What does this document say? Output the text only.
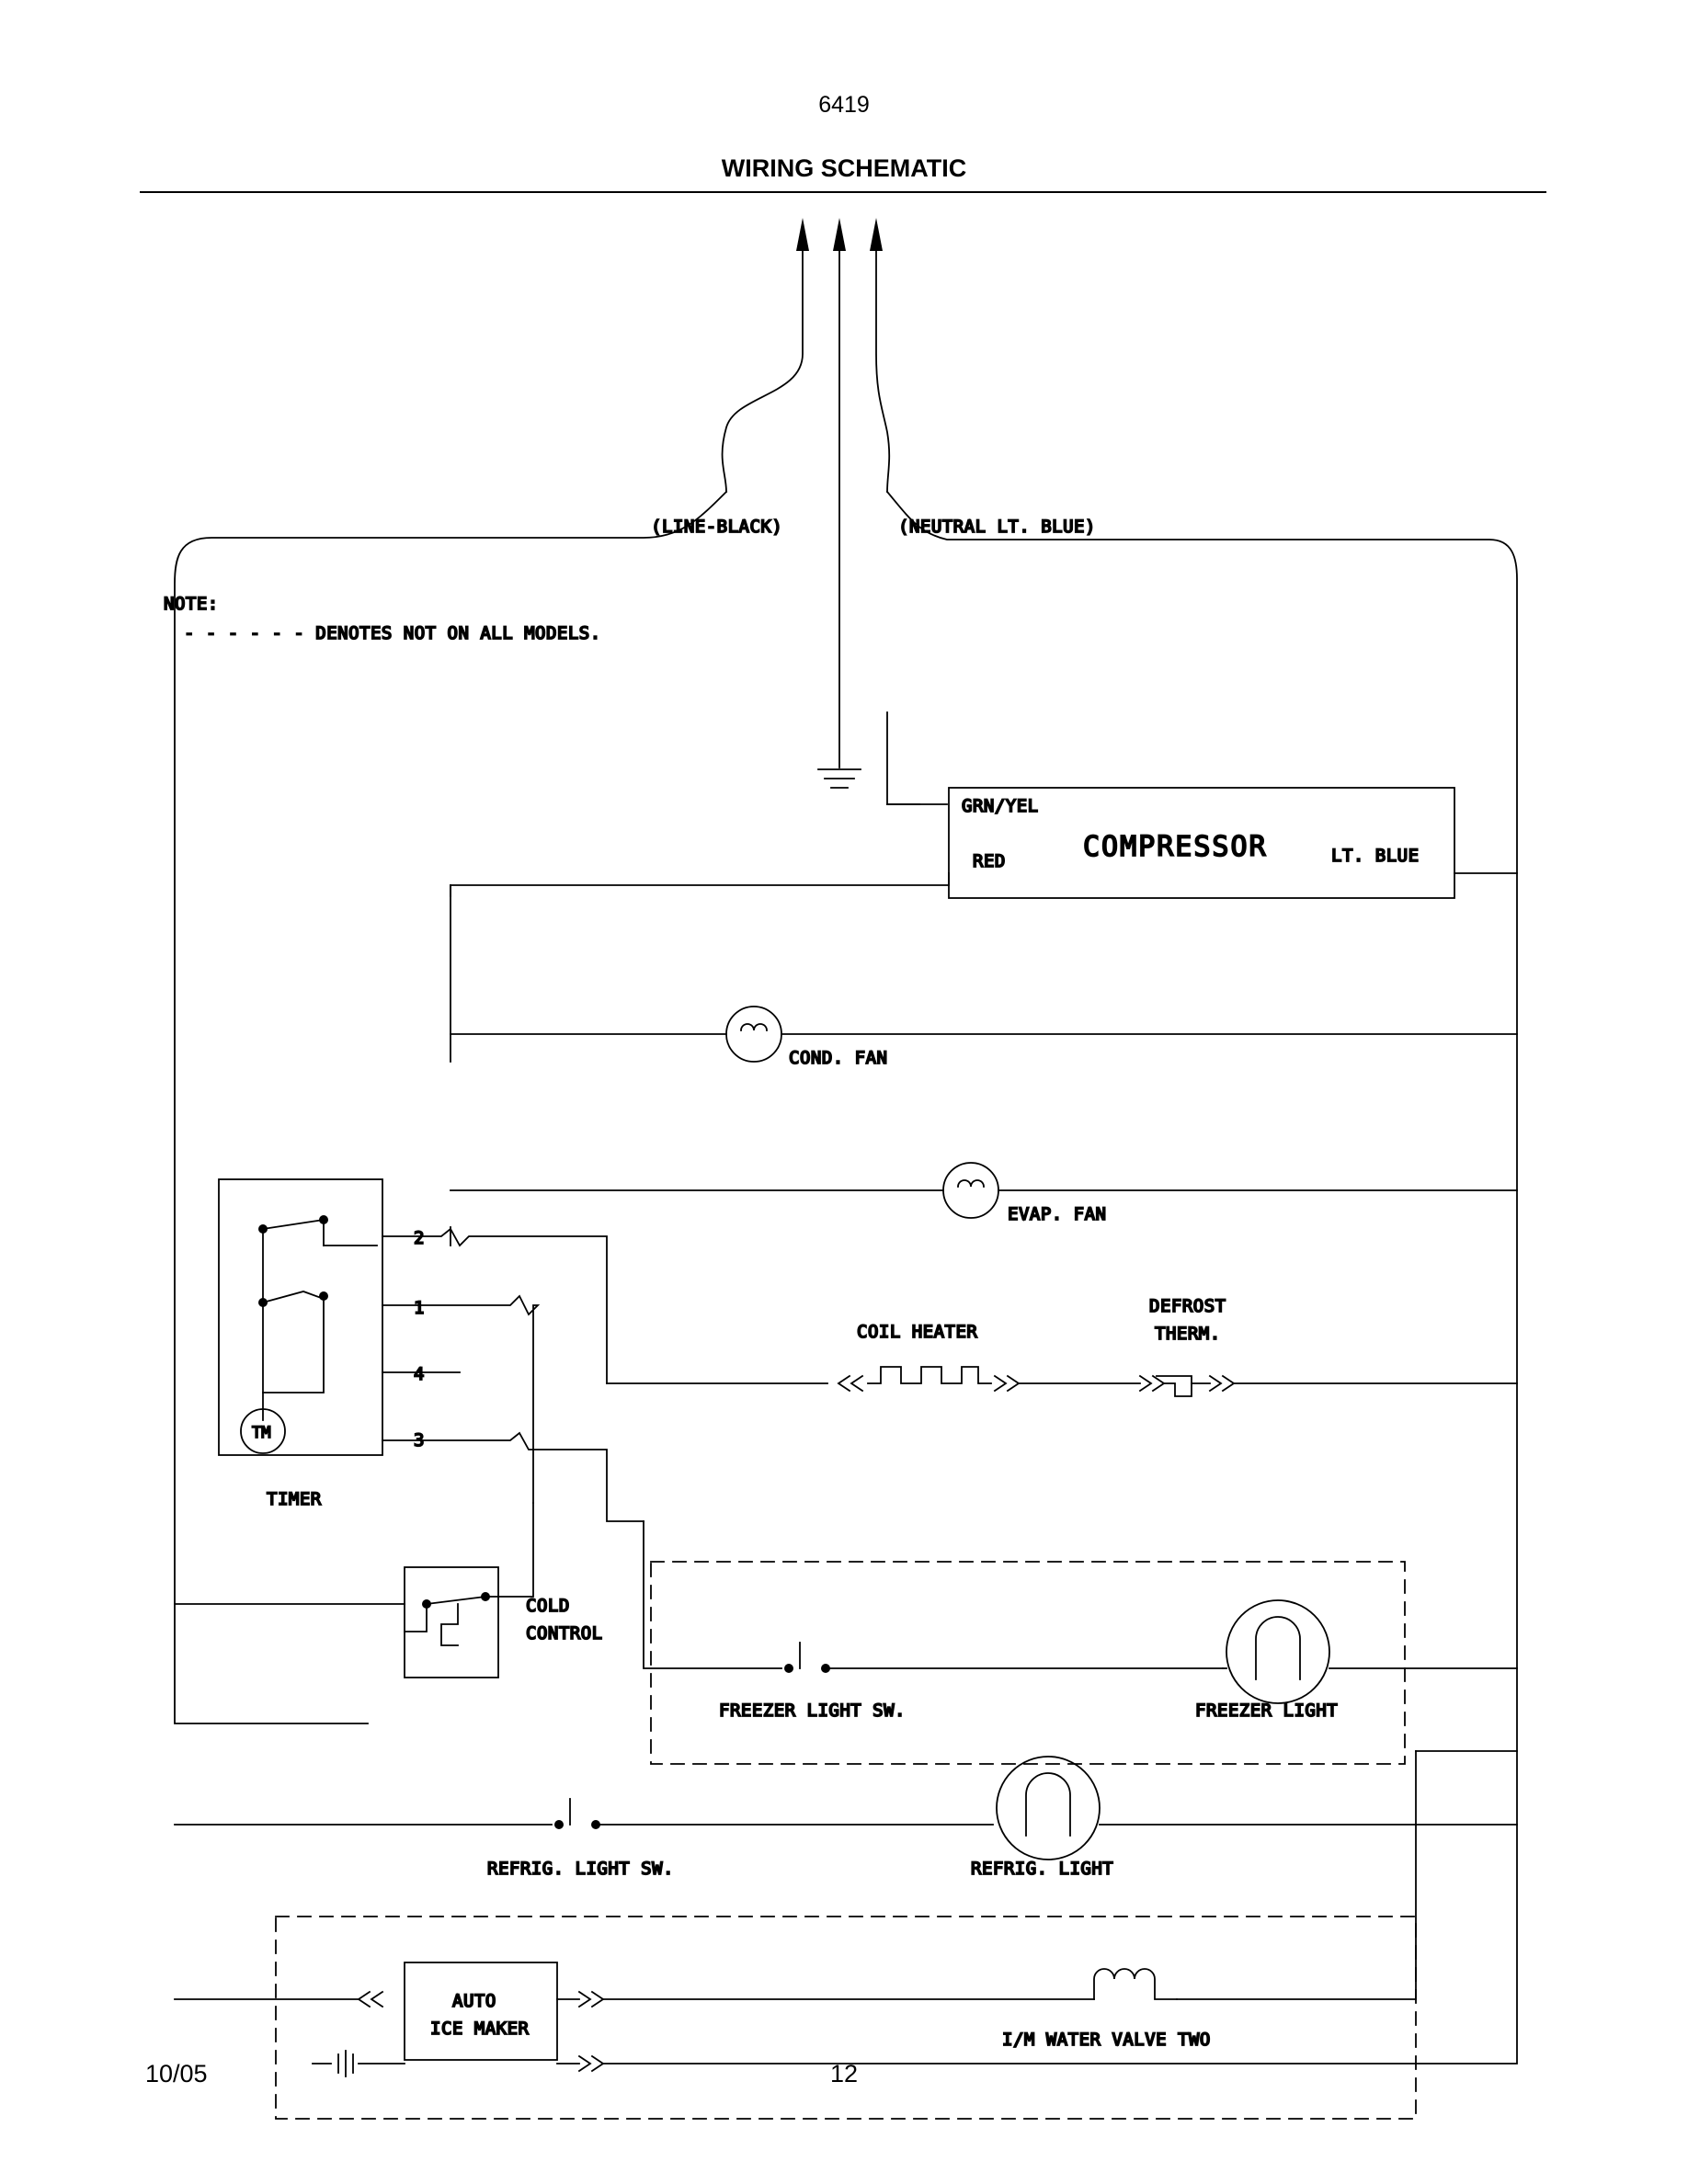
6419
WIRING SCHEMATIC
(LINE-BLACK)	(NEUTRAL LT. BLUE)
NOTE:
- - - - - - DENOTES NOT ON ALL MODELS.
COMPRESSOR
GRN/YEL
RED	LT. BLUE
COND. FAN
EVAP. FAN
TM
TIMER
2
1
4
3
COIL HEATER
DEFROST
THERM.
COLD
CONTROL
FREEZER LIGHT SW.	FREEZER LIGHT
REFRIG. LIGHT SW.	REFRIG. LIGHT
AUTO
ICE MAKER
I/M WATER VALVE TWO
10/05	12
